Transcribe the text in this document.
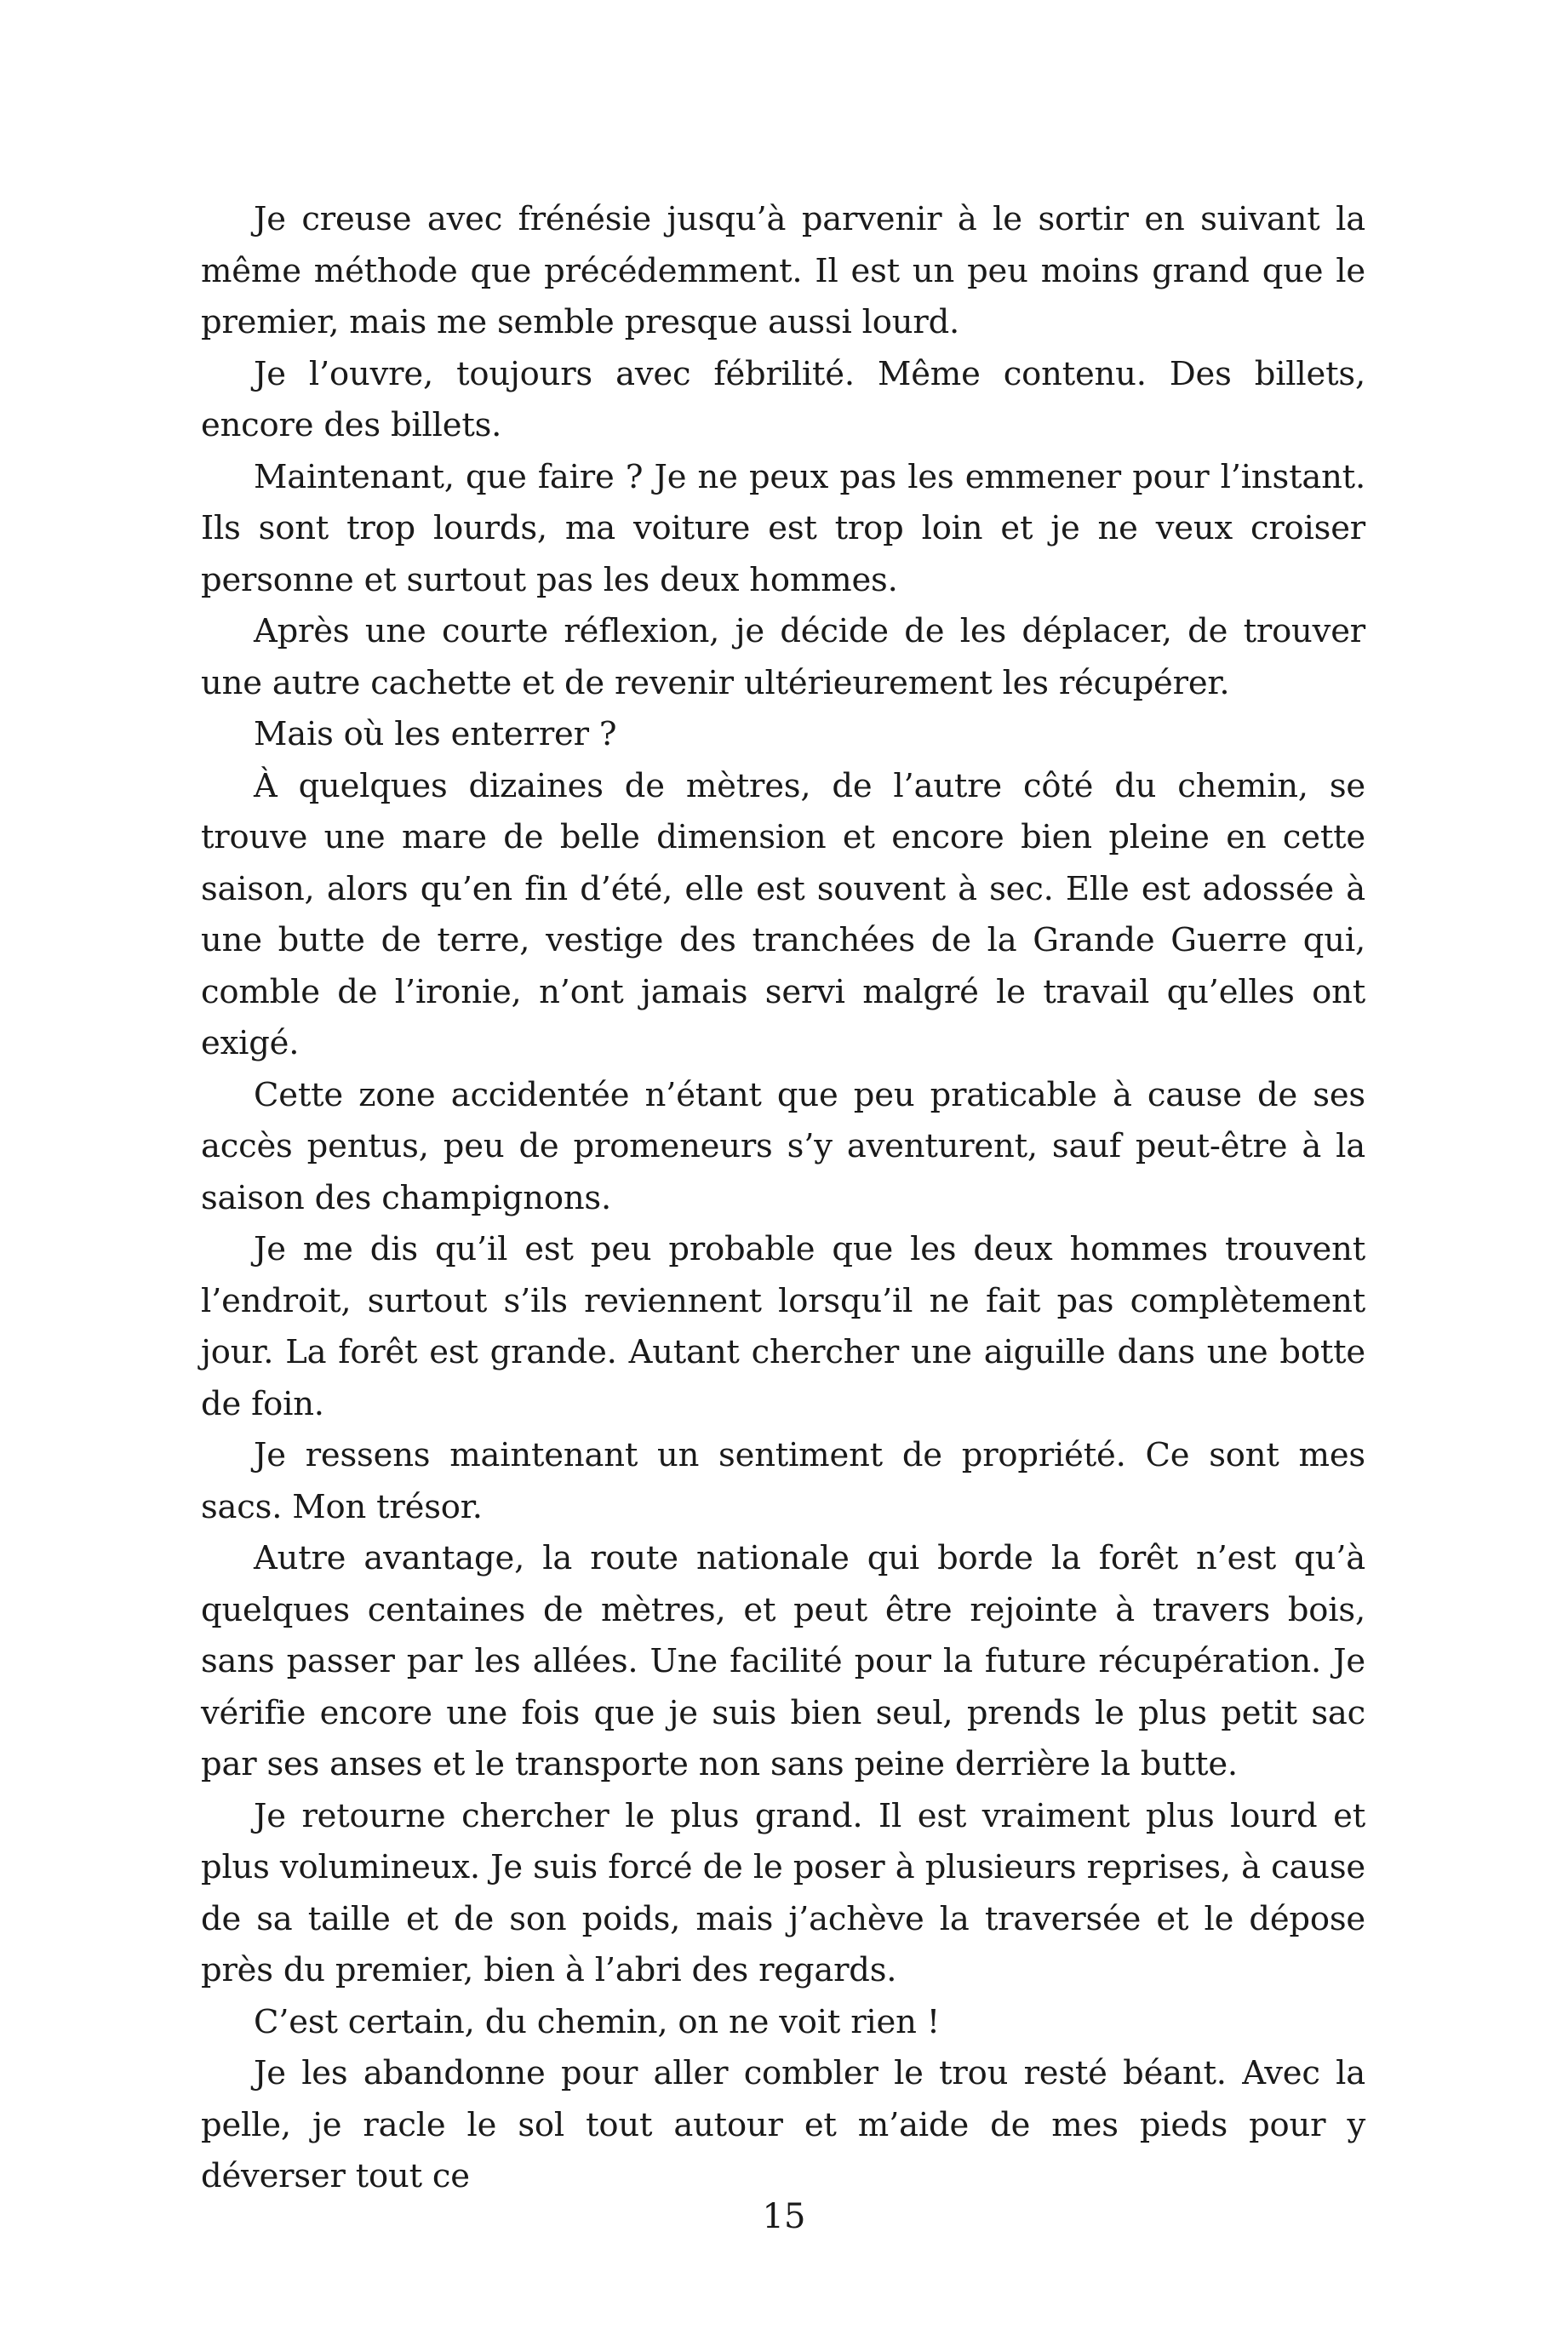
Je creuse avec frénésie jusqu’à parvenir à le sortir en suivant la même méthode que précédemment. Il est un peu moins grand que le premier, mais me semble presque aussi lourd.

Je l’ouvre, toujours avec fébrilité. Même contenu. Des billets, encore des billets.

Maintenant, que faire ? Je ne peux pas les emmener pour l’instant. Ils sont trop lourds, ma voiture est trop loin et je ne veux croiser personne et surtout pas les deux hommes.

Après une courte réflexion, je décide de les déplacer, de trouver une autre cachette et de revenir ultérieurement les récupérer.

Mais où les enterrer ?

À quelques dizaines de mètres, de l’autre côté du chemin, se trouve une mare de belle dimension et encore bien pleine en cette saison, alors qu’en fin d’été, elle est souvent à sec. Elle est adossée à une butte de terre, vestige des tranchées de la Grande Guerre qui, comble de l’ironie, n’ont jamais servi malgré le travail qu’elles ont exigé.

Cette zone accidentée n’étant que peu praticable à cause de ses accès pentus, peu de promeneurs s’y aventurent, sauf peut-être à la saison des champignons.

Je me dis qu’il est peu probable que les deux hommes trouvent l’endroit, surtout s’ils reviennent lorsqu’il ne fait pas complètement jour. La forêt est grande. Autant chercher une aiguille dans une botte de foin.

Je ressens maintenant un sentiment de propriété. Ce sont mes sacs. Mon trésor.

Autre avantage, la route nationale qui borde la forêt n’est qu’à quelques centaines de mètres, et peut être rejointe à travers bois, sans passer par les allées. Une facilité pour la future récupération. Je vérifie encore une fois que je suis bien seul, prends le plus petit sac par ses anses et le transporte non sans peine derrière la butte.

Je retourne chercher le plus grand. Il est vraiment plus lourd et plus volumineux. Je suis forcé de le poser à plusieurs reprises, à cause de sa taille et de son poids, mais j’achève la traversée et le dépose près du premier, bien à l’abri des regards.

C’est certain, du chemin, on ne voit rien !

Je les abandonne pour aller combler le trou resté béant. Avec la pelle, je racle le sol tout autour et m’aide de mes pieds pour y déverser tout ce

15
